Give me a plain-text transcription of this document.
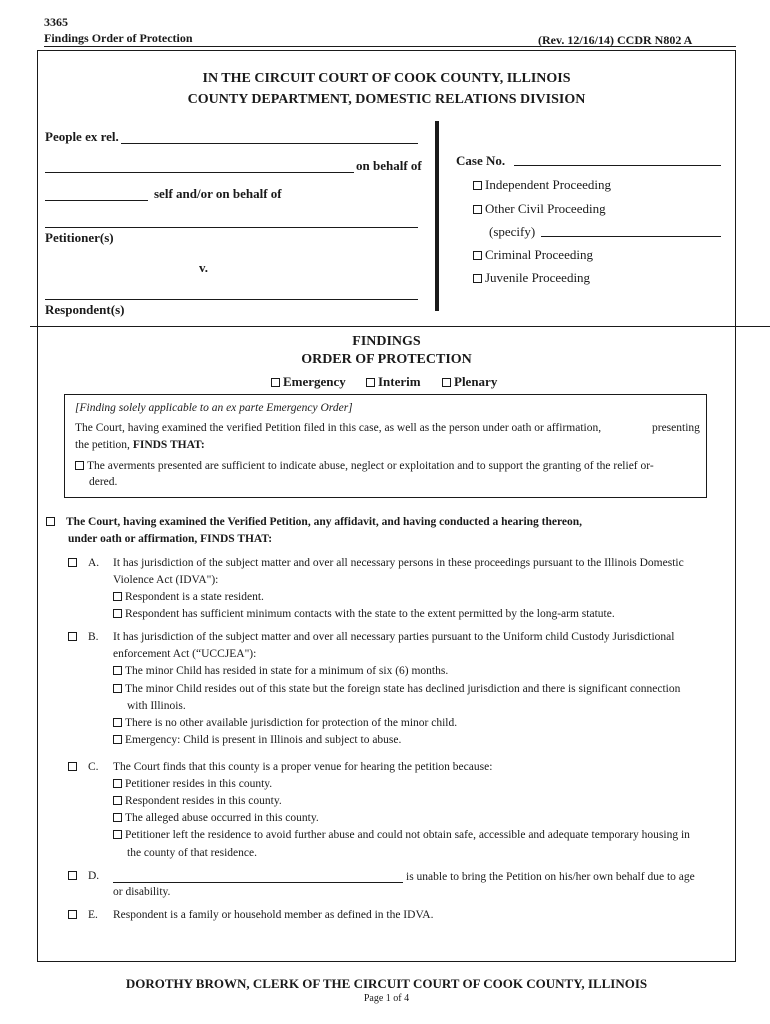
3365
Findings Order of Protection	(Rev. 12/16/14) CCDR N802 A
IN THE CIRCUIT COURT OF COOK COUNTY, ILLINOIS
COUNTY DEPARTMENT, DOMESTIC RELATIONS DIVISION
People ex rel.
on behalf of
self and/or on behalf of
Petitioner(s)
v.
Respondent(s)
Case No.
Independent Proceeding
Other Civil Proceeding
(specify)
Criminal Proceeding
Juvenile Proceeding
FINDINGS
ORDER OF PROTECTION
Emergency	Interim	Plenary
[Finding solely applicable to an ex parte Emergency Order]
The Court, having examined the verified Petition filed in this case, as well as the person under oath or affirmation,	presenting
the petition, FINDS THAT:
The averments presented are sufficient to indicate abuse, neglect or exploitation and to support the granting of the relief or-
dered.
The Court, having examined the Verified Petition, any affidavit, and having conducted a hearing thereon,
under oath or affirmation, FINDS THAT:
A. It has jurisdiction of the subject matter and over all necessary persons in these proceedings pursuant to the Illinois Domestic
Violence Act (IDVA"):
Respondent is a state resident.
Respondent has sufficient minimum contacts with the state to the extent permitted by the long-arm statute.
B. It has jurisdiction of the subject matter and over all necessary parties pursuant to the Uniform child Custody Jurisdictional
enforcement Act (“UCCJEA"):
The minor Child has resided in state for a minimum of six (6) months.
The minor Child resides out of this state but the foreign state has declined jurisdiction and there is significant connection
with Illinois.
There is no other available jurisdiction for protection of the minor child.
Emergency: Child is present in Illinois and subject to abuse.
C. The Court finds that this county is a proper venue for hearing the petition because:
Petitioner resides in this county.
Respondent resides in this county.
The alleged abuse occurred in this county.
Petitioner left the residence to avoid further abuse and could not obtain safe, accessible and adequate temporary housing in
the county of that residence.
D.	is unable to bring the Petition on his/her own behalf due to age
or disability.
E. Respondent is a family or household member as defined in the IDVA.
DOROTHY BROWN, CLERK OF THE CIRCUIT COURT OF COOK COUNTY, ILLINOIS
Page 1 of 4
